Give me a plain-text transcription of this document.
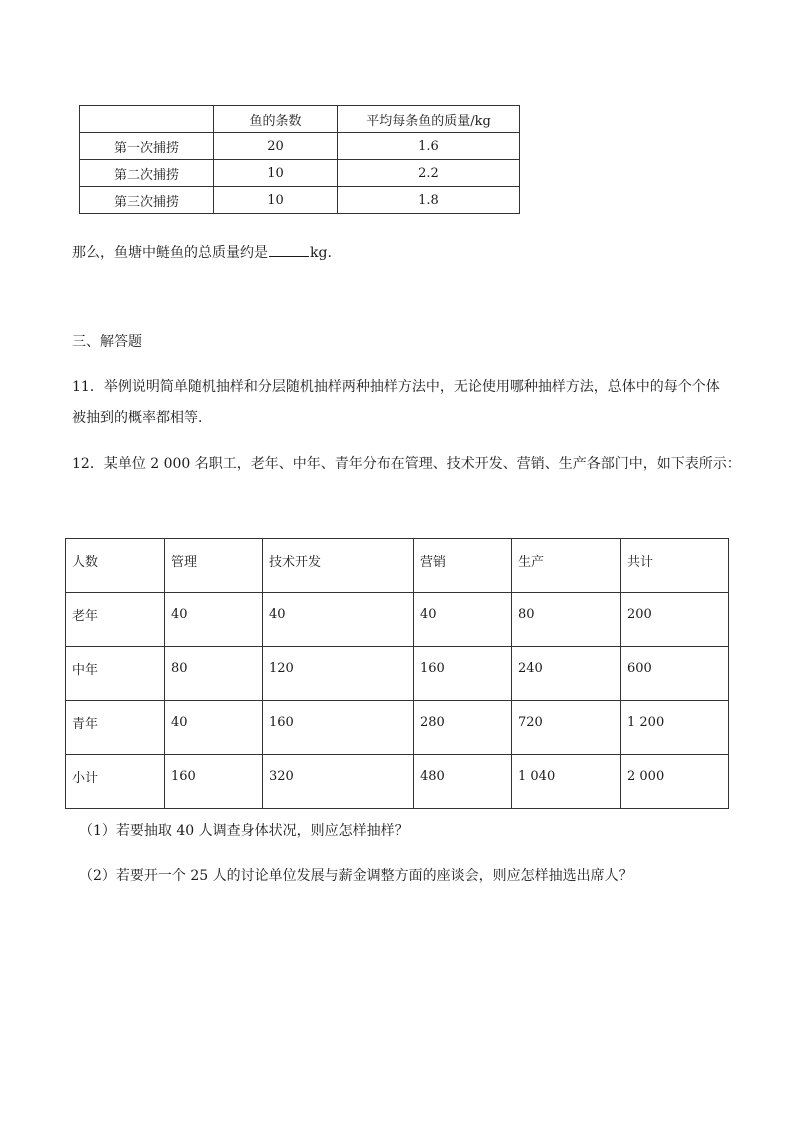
	鱼的条数	平均每条鱼的质量/kg
第一次捕捞	20	1.6
第二次捕捞	10	2.2
第三次捕捞	10	1.8
那么，鱼塘中鲢鱼的总质量约是	kg.
三、解答题
11．举例说明简单随机抽样和分层随机抽样两种抽样方法中，无论使用哪种抽样方法，总体中的每个个体
被抽到的概率都相等.
12．某单位 2 000 名职工，老年、中年、青年分布在管理、技术开发、营销、生产各部门中，如下表所示：
人数	管理	技术开发	营销	生产	共计

老年	40	40	40	80	200

中年	80	120	160	240	600

青年	40	160	280	720	1 200

小计	160	320	480	1 040	2 000
（1）若要抽取 40 人调查身体状况，则应怎样抽样？
（2）若要开一个 25 人的讨论单位发展与薪金调整方面的座谈会，则应怎样抽选出席人？
